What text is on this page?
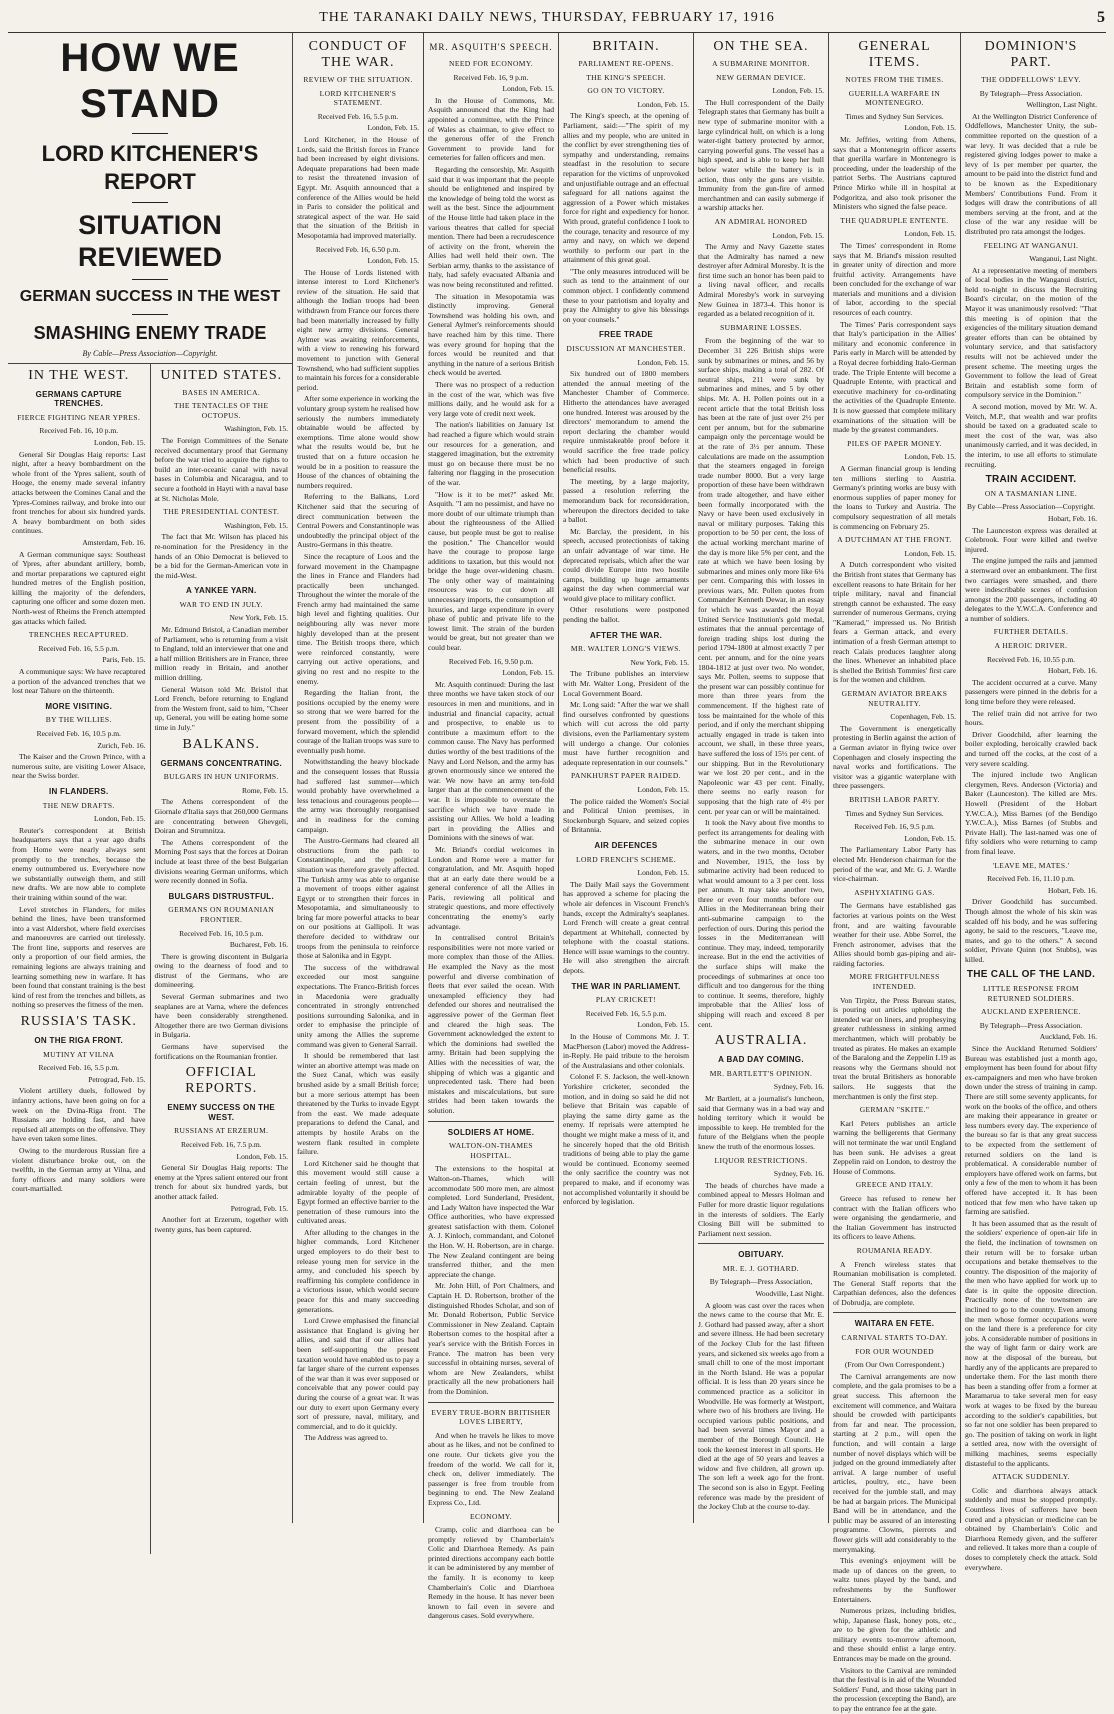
THE TARANAKI DAILY NEWS, THURSDAY, FEBRUARY 17, 1916	5
HOW WE STAND
LORD KITCHENER'S REPORT
SITUATION REVIEWED
GERMAN SUCCESS IN THE WEST
SMASHING ENEMY TRADE
By Cable—Press Association—Copyright.
IN THE WEST.
GERMANS CAPTURE TRENCHES.
FIERCE FIGHTING NEAR YPRES.
Received Feb. 16, 10 p.m.
London, Feb. 15.

General Sir Douglas Haig reports: Last night, after a heavy bombardment on the whole front of the Ypres salient, south of Hooge, the enemy made several infantry attacks between the Comines Canal and the Ypres-Comines railway, and broke into our front trenches for about six hundred yards. A heavy bombardment on both sides continues.

Amsterdam, Feb. 16.

A German communique says: Southeast of Ypres, after abundant artillery, bomb, and mortar preparations we captured eight hundred metres of the English position, killing the majority of the defenders, capturing one officer and some dozen men. North-west of Rheims the French attempted gas attacks which failed.

TRENCHES RECAPTURED.
Received Feb. 16, 5.5 p.m.
Paris, Feb. 15.

A communique says: We have recaptured a portion of the advanced trenches that we lost near Tahure on the thirteenth.

MORE VISITING.
BY THE WILLIES.
Received Feb. 16, 10.5 p.m.
Zurich, Feb. 16.

The Kaiser and the Crown Prince, with a numerous suite, are visiting Lower Alsace, near the Swiss border.

IN FLANDERS.
THE NEW DRAFTS.
London, Feb. 15.

Reuter's correspondent at British headquarters says that a year ago drafts from Home were nearly always sent promptly to the trenches, because the enemy outnumbered us. Everywhere now we substantially outweigh them, and still new drafts. We are now able to complete their training within sound of the war.

Level stretches in Flanders, for miles behind the lines, have been transformed into a vast Aldershot, where field exercises and manoeuvres are carried out tirelessly. The front line, supports and reserves are only a proportion of our field armies, the remaining legions are always training and learning something new in warfare. It has been found that constant training is the best kind of rest from the trenches and billets, as nothing so preserves the fitness of the men.

RUSSIA'S TASK.
ON THE RIGA FRONT.
MUTINY AT VILNA
Received Feb. 16, 5.5 p.m.
Petrograd, Feb. 15.

Violent artillery duels, followed by infantry actions, have been going on for a week on the Dvina-Riga front. The Russians are holding fast, and have repulsed all attempts on the offensive. They have even taken some lines.

Owing to the murderous Russian fire a violent disturbance broke out, on the twelfth, in the German army at Vilna, and forty officers and many soldiers were court-martialled.

UNITED STATES.
BASES IN AMERICA.
THE TENTACLES OF THE OCTOPUS.
Washington, Feb. 15.

The Foreign Committees of the Senate received documentary proof that Germany before the war tried to acquire the rights to build an inter-oceanic canal with naval bases in Columbia and Nicaragua, and to secure a foothold in Hayti with a naval base at St. Nicholas Mole.

THE PRESIDENTIAL CONTEST.
Washington, Feb. 15.

The fact that Mr. Wilson has placed his re-nomination for the Presidency in the hands of an Ohio Democrat is believed to be a bid for the German-American vote in the mid-West.

A YANKEE YARN.
WAR TO END IN JULY.
New York, Feb. 15.

Mr. Edmund Bristol, a Canadian member of Parliament, who is returning from a visit to England, told an interviewer that one and a half million Britishers are in France, three million ready in Britain, and another million drilling.

General Watson told Mr. Bristol that Lord French, before returning to England from the Western front, said to him, "Cheer up, General, you will be eating home some time in July."

BALKANS.
GERMANS CONCENTRATING.
BULGARS IN HUN UNIFORMS.
Rome, Feb. 15.

The Athens correspondent of the Giornale d'Italia says that 260,000 Germans are concentrating between Ghevgeli, Doiran and Strumnitza.

The Athens correspondent of the Morning Post says that the forces at Doiran include at least three of the best Bulgarian divisions wearing German uniforms, which were recently donned in Sofia.

BULGARS DISTRUSTFUL.
GERMANS ON ROUMANIAN FRONTIER.
Received Feb. 16, 10.5 p.m.
Bucharest, Feb. 16.

There is growing discontent in Bulgaria owing to the dearness of food and to distrust of the Germans, who are domineering.

Several German submarines and two seaplanes are at Varna, where the defences have been considerably strengthened. Altogether there are two German divisions in Bulgaria.

Germans have supervised the fortifications on the Roumanian frontier.

OFFICIAL REPORTS.
ENEMY SUCCESS ON THE WEST.
RUSSIANS AT ERZERUM.
Received Feb. 16, 7.5 p.m.
London, Feb. 15.

General Sir Douglas Haig reports: The enemy at the Ypres salient entered our front trench for about six hundred yards, but another attack failed.

Petrograd, Feb. 15.

Another fort at Erzerum, together with twenty guns, has been captured.

CONDUCT OF THE WAR.
REVIEW OF THE SITUATION.
LORD KITCHENER'S STATEMENT.
Received Feb. 16, 5.5 p.m.
London, Feb. 15.

Lord Kitchener, in the House of Lords, said the British forces in France had been increased by eight divisions. Adequate preparations had been made to resist the threatened invasion of Egypt. Mr. Asquith announced that a conference of the Allies would be held in Paris to consider the political and strategical aspect of the war. He said that the situation of the British in Mesopotamia had improved materially.

Received Feb. 16, 6.50 p.m.
London, Feb. 15.

The House of Lords listened with intense interest to Lord Kitchener's review of the situation. He said that although the Indian troops had been withdrawn from France our forces there had been materially increased by fully eight new army divisions. General Aylmer was awaiting reinforcements, with a view to renewing his forward movement to junction with General Townshend, who had sufficient supplies to maintain his forces for a considerable period.

After some experience in working the voluntary group system he realised how seriously the numbers immediately obtainable would be affected by exemptions. Time alone would show what the results would be, but he trusted that on a future occasion he would be in a position to reassure the House of the chances of obtaining the numbers required.

Referring to the Balkans, Lord Kitchener said that the securing of direct communication between the Central Powers and Constantinople was undoubtedly the principal object of the Austro-Germans in this theatre.

Since the recapture of Loos and the forward movement in the Champagne the lines in France and Flanders had practically been unchanged. Throughout the winter the morale of the French army had maintained the same high level and fighting qualities. Our neighbouring ally was never more highly developed than at the present time. The British troops there, which were reinforced constantly, were carrying out active operations, and giving no rest and no respite to the enemy.

Regarding the Italian front, the positions occupied by the enemy were so strong that we were barred for the present from the possibility of a forward movement, which the splendid courage of the Italian troops was sure to eventually push home.

Notwithstanding the heavy blockade and the consequent losses that Russia had suffered last summer—which would probably have overwhelmed a less tenacious and courageous people—the army was thoroughly reorganised and in readiness for the coming campaign.

The Austro-Germans had cleared all obstructions from the path to Constantinople, and the political situation was therefore gravely affected. The Turkish army was able to organise a movement of troops either against Egypt or to strengthen their forces in Mesopotamia, and simultaneously to bring far more powerful attacks to bear on our positions at Gallipoli. It was therefore decided to withdraw our troops from the peninsula to reinforce those at Salonika and in Egypt.

The success of the withdrawal exceeded our most sanguine expectations. The Franco-British forces in Macedonia were gradually concentrated in strongly entrenched positions surrounding Salonika, and in order to emphasise the principle of unity among the Allies the supreme command was given to General Sarrail.

It should be remembered that last winter an abortive attempt was made on the Suez Canal, which was easily brushed aside by a small British force; but a more serious attempt has been threatened by the Turks to invade Egypt from the east. We made adequate preparations to defend the Canal, and attempts by hostile Arabs on the western flank resulted in complete failure.

Lord Kitchener said he thought that this movement would still cause a certain feeling of unrest, but the admirable loyalty of the people of Egypt formed an effective barrier to the penetration of these rumours into the cultivated areas.

After alluding to the changes in the higher commands, Lord Kitchener urged employers to do their best to release young men for service in the army, and concluded his speech by reaffirming his complete confidence in a victorious issue, which would secure peace for this and many succeeding generations.

Lord Crewe emphasised the financial assistance that England is giving her allies, and said that if our allies had been self-supporting the present taxation would have enabled us to pay a far larger share of the current expenses of the war than it was ever supposed or conceivable that any power could pay during the course of a great war. It was our duty to exert upon Germany every sort of pressure, naval, military, and commercial, and to do it quickly.

The Address was agreed to.

MR. ASQUITH'S SPEECH.
NEED FOR ECONOMY.
Received Feb. 16, 9 p.m.
London, Feb. 15.

In the House of Commons, Mr. Asquith announced that the King had appointed a committee, with the Prince of Wales as chairman, to give effect to the generous offer of the French Government to provide land for cemeteries for fallen officers and men.

Regarding the censorship, Mr. Asquith said that it was important that the people should be enlightened and inspired by the knowledge of being told the worst as well as the best. Since the adjournment of the House little had taken place in the various theatres that called for special mention. There had been a recrudescence of activity on the front, wherein the Allies had well held their own. The Serbian army, thanks to the assistance of Italy, had safely evacuated Albania and was now being reconstituted and refitted.

The situation in Mesopotamia was distinctly improving. General Townshend was holding his own, and General Aylmer's reinforcements should have reached him by this time. There was every ground for hoping that the forces would be reunited and that anything in the nature of a serious British check would be averted.

There was no prospect of a reduction in the cost of the war, which was five millions daily, and he would ask for a very large vote of credit next week.

The nation's liabilities on January 1st had reached a figure which would strain our resources for a generation, and staggered imagination, but the extremity must go on because there must be no faltering nor flagging in the prosecution of the war.

"How is it to be met?" asked Mr. Asquith. "I am no pessimist, and have no more doubt of our ultimate triumph than about the righteousness of the Allied cause, but people must be got to realise the position." The Chancellor would have the courage to propose large additions to taxation, but this would not bridge the huge over-widening chasm. The only other way of maintaining resources was to cut down all unnecessary imports, the consumption of luxuries, and large expenditure in every phase of public and private life to the lowest limit. The strain of the burden would be great, but not greater than we could bear.

Received Feb. 16, 9.50 p.m.
London, Feb. 15.

Mr. Asquith continued: During the last three months we have taken stock of our resources in men and munitions, and in industrial and financial capacity, actual and prospective, to enable us to contribute a maximum effort to the common cause. The Navy has performed duties worthy of the best traditions of the Navy and Lord Nelson, and the army has grown enormously since we entered the war. We now have an army ten-fold larger than at the commencement of the war. It is impossible to overstate the sacrifice which we have made in assisting our Allies. We hold a leading part in providing the Allies and Dominions with the sinews of war.

Mr. Briand's cordial welcomes in London and Rome were a matter for congratulation, and Mr. Asquith hoped that at an early date there would be a general conference of all the Allies in Paris, reviewing all political and strategic questions, and more effectively concentrating the enemy's early advantage.

In centralised control Britain's responsibilities were not more varied or more complex than those of the Allies. He exampled the Navy as the most powerful and diverse combination of fleets that ever sailed the ocean. With unexampled efficiency they had defended our shores and neutralised the aggressive power of the German fleet and cleared the high seas. The Government acknowledged the extent to which the dominions had swelled the army. Britain had been supplying the Allies with the necessities of war, the shipping of which was a gigantic and unprecedented task. There had been mistakes and miscalculations, but sure strides had been taken towards the solution.

SOLDIERS AT HOME.
WALTON-ON-THAMES HOSPITAL.

The extensions to the hospital at Walton-on-Thames, which will accommodate 500 more men, are almost completed. Lord Sunderland, President, and Lady Walton have inspected the War Office authorities, who have expressed greatest satisfaction with them. Colonel A. J. Kinloch, commandant, and Colonel the Hon. W. H. Robertson, are in charge. The New Zealand contingent are being transferred thither, and the men appreciate the change.

Mr. John Hill, of Port Chalmers, and Captain H. D. Robertson, brother of the distinguished Rhodes Scholar, and son of Mr. Donald Robertson, Public Service Commissioner in New Zealand. Captain Robertson comes to the hospital after a year's service with the British Forces in France. The matron has been very successful in obtaining nurses, several of whom are New Zealanders, whilst practically all the new probationers hail from the Dominion.

EVERY TRUE-BORN BRITISHER LOVES LIBERTY,

And when he travels he likes to move about as he likes, and not be confined to one route. Our tickets give you the freedom of the world. We call for it, check on, deliver immediately. The passenger is free from trouble from beginning to end. The New Zealand Express Co., Ltd.

ECONOMY.

Cramp, colic and diarrhoea can be promptly relieved by Chamberlain's Colic and Diarrhoea Remedy. As pain printed directions accompany each bottle it can be administered by any member of the family. It is economy to keep Chamberlain's Colic and Diarrhoea Remedy in the house. It has never been known to fail even in severe and dangerous cases. Sold everywhere.

BRITAIN.
PARLIAMENT RE-OPENS.
THE KING'S SPEECH.
GO ON TO VICTORY.
London, Feb. 15.

The King's speech, at the opening of Parliament, said:—"The spirit of my allies and my people, who are united in the conflict by ever strengthening ties of sympathy and understanding, remains steadfast in the resolution to secure reparation for the victims of unprovoked and unjustifiable outrage and an effectual safeguard for all nations against the aggression of a Power which mistakes force for right and expediency for honor. With proud, grateful confidence I look to the courage, tenacity and resource of my army and navy, on which we depend worthily to perform our part in the attainment of this great goal.

"The only measures introduced will be such as tend to the attainment of our common object. I confidently commend these to your patriotism and loyalty and pray the Almighty to give his blessings on your counsels."

FREE TRADE
DISCUSSION AT MANCHESTER.
London, Feb. 15.

Six hundred out of 1800 members attended the annual meeting of the Manchester Chamber of Commerce. Hitherto the attendances have averaged one hundred. Interest was aroused by the directors' memorandum to amend the report declaring the chamber would require unmistakeable proof before it would sacrifice the free trade policy which had been productive of such beneficial results.

The meeting, by a large majority, passed a resolution referring the memorandum back for reconsideration, whereupon the directors decided to take a ballot.

Mr. Barclay, the president, in his speech, accused protectionists of taking an unfair advantage of war time. He deprecated reprisals, which after the war could divide Europe into two hostile camps, building up huge armaments against the day when commercial war would give place to military conflict.

Other resolutions were postponed pending the ballot.

AFTER THE WAR.
MR. WALTER LONG'S VIEWS.
New York, Feb. 15.

The Tribune publishes an interview with Mr. Walter Long, President of the Local Government Board.

Mr. Long said: "After the war we shall find ourselves confronted by questions which will cut across the old party divisions, even the Parliamentary system will undergo a change. Our colonies must have further recognition and adequate representation in our counsels."

PANKHURST PAPER RAIDED.
London, Feb. 15.

The police raided the Women's Social and Political Union premises, in Stockenburgh Square, and seized copies of Britannia.

AIR DEFENCES
LORD FRENCH'S SCHEME.
London, Feb. 15.

The Daily Mail says the Government has approved a scheme for placing the whole air defences in Viscount French's hands, except the Admiralty's seaplanes. Lord French will create a great central department at Whitehall, connected by telephone with the coastal stations. Hence will issue warnings to the country. He will also strengthen the aircraft depots.

THE WAR IN PARLIAMENT.
PLAY CRICKET!
Received Feb. 16, 5.5 p.m.
London, Feb. 15.

In the House of Commons Mr. J. T. MacPherson (Labor) moved the Address-in-Reply. He paid tribute to the heroism of the Australasians and other colonials.

Colonel F. S. Jackson, the well-known Yorkshire cricketer, seconded the motion, and in doing so said he did not believe that Britain was capable of playing the same dirty game as the enemy. If reprisals were attempted he thought we might make a mess of it, and he sincerely hoped that the old British traditions of being able to play the game would be continued. Economy seemed the only sacrifice the country was not prepared to make, and if economy was not accomplished voluntarily it should be enforced by legislation.

ON THE SEA.
A SUBMARINE MONITOR.
NEW GERMAN DEVICE.
London, Feb. 15.

The Hull correspondent of the Daily Telegraph states that Germany has built a new type of submarine monitor with a large cylindrical hull, on which is a long water-tight battery protected by armor, carrying powerful guns. The vessel has a high speed, and is able to keep her hull below water while the battery is in action, thus only the guns are visible. Immunity from the gun-fire of armed merchantmen and can easily submerge if a warship attacks her.

AN ADMIRAL HONORED
London, Feb. 15.

The Army and Navy Gazette states that the Admiralty has named a new destroyer after Admiral Moresby. It is the first time such an honor has been paid to a living naval officer, and recalls Admiral Moresby's work in surveying New Guinea in 1873-4. This honor is regarded as a belated recognition of it.

SUBMARINE LOSSES.

From the beginning of the war to December 31 226 British ships were sunk by submarines or mines, and 56 by surface ships, making a total of 282. Of neutral ships, 211 were sunk by submarines and mines, and 5 by other ships. Mr. A. H. Pollen points out in a recent article that the total British loss has been at the rate of just over 2½ per cent per annum, but for the submarine campaign only the percentage would be at the rate of 3½ per annum. These calculations are made on the assumption that the steamers engaged in foreign trade number 8000. But a very large proportion of these have been withdrawn from trade altogether, and have either been formally incorporated with the Navy or have been used exclusively in naval or military purposes. Taking this proportion to be 50 per cent, the loss of the actual working merchant marine of the day is more like 5% per cent, and the rate at which we have been losing by submarines and mines only more like 6¼ per cent. Comparing this with losses in previous wars, Mr. Pollen quotes from Commander Kenneth Dewar, in an essay for which he was awarded the Royal United Service Institution's gold medal, estimates that the annual percentage of foreign trading ships lost during the period 1794-1800 at almost exactly 7 per cent. per annum, and for the nine years 1804-1812 at just over two. No wonder, says Mr. Pollen, seems to suppose that the present war can possibly continue for more than three years from the commencement. If the highest rate of loss be maintained for the whole of this period, and if only the merchant shipping actually engaged in trade is taken into account, we shall, in these three years, have suffered the loss of 15½ per cent. of our shipping. But in the Revolutionary war we lost 20 per cent., and in the Napoleonic war 43 per cent. Finally, there seems no early reason for supposing that the high rate of 4½ per cent. per year can or will be maintained.

It took the Navy about five months to perfect its arrangements for dealing with the submarine menace in our own waters, and in the two months, October and November, 1915, the loss by submarine activity had been reduced to what would amount to a 3 per cent. loss per annum. It may take another two, three or even four months before our Allies in the Mediterranean bring their anti-submarine campaign to the perfection of ours. During this period the losses in the Mediterranean will continue. They may, indeed, temporarily increase. But in the end the activities of the surface ships will make the proceedings of submarines at once too difficult and too dangerous for the thing to continue. It seems, therefore, highly improbable that the Allies' loss of shipping will reach and exceed 8 per cent.

AUSTRALIA.
A BAD DAY COMING.
MR. BARTLETT'S OPINION.
Sydney, Feb. 16.

Mr Bartlett, at a journalist's luncheon, said that Germany was in a bad way and holding territory which it would be impossible to keep. He trembled for the future of the Belgians when the people knew the truth of the enormous losses.

LIQUOR RESTRICTIONS.
Sydney, Feb. 16.

The heads of churches have made a combined appeal to Messrs Holman and Fuller for more drastic liquor regulations in the interests of soldiers. The Early Closing Bill will be submitted to Parliament next session.

OBITUARY.
MR. E. J. GOTHARD.
By Telegraph—Press Association,
Woodville, Last Night.

A gloom was cast over the races when the news came to the course that Mr. E. J. Gothard had passed away, after a short and severe illness. He had been secretary of the Jockey Club for the last fifteen years, and sickened six weeks ago from a small chill to one of the most important in the North Island. He was a popular official. It is less than 20 years since he commenced practice as a solicitor in Woodville. He was formerly at Westport, where two of his brothers are living. He occupied various public positions, and had been several times Mayor and a member of the Borough Council. He took the keenest interest in all sports. He died at the age of 50 years and leaves a widow and five children, all grown up. The son left a week ago for the front. The second son is also in Egypt. Feeling reference was made by the president of the Jockey Club at the course to-day.

GENERAL ITEMS.
NOTES FROM THE TIMES.
GUERILLA WARFARE IN MONTENEGRO.
Times and Sydney Sun Services.
London, Feb. 15.

Mr. Jeffries, writing from Athens, says that a Montenegrin officer asserts that guerilla warfare in Montenegro is proceeding, under the leadership of the patriot Serbs. The Austrians captured Prince Mirko while ill in hospital at Podgoritza, and also took prisoner the Ministers who signed the false peace.

THE QUADRUPLE ENTENTE.
London, Feb. 15.

The Times' correspondent in Rome says that M. Briand's mission resulted in greater unity of direction and more fruitful activity. Arrangements have been concluded for the exchange of war materials and munitions and a division of labor, according to the special resources of each country.

The Times' Paris correspondent says that Italy's participation in the Allies' military and economic conference in Paris early in March will be attended by a Royal decree forbidding Italo-German trade. The Triple Entente will become a Quadruple Entente, with practical and executive machinery for co-ordinating the activities of the Quadruple Entente. It is now guessed that complete military examinations of the situation will be made by the greatest commanders.

PILES OF PAPER MONEY.
London, Feb. 15.

A German financial group is lending ten millions sterling to Austria. Germany's printing works are busy with enormous supplies of paper money for the loans to Turkey and Austria. The compulsory sequestration of all metals is commencing on February 25.

A DUTCHMAN AT THE FRONT.
London, Feb. 15.

A Dutch correspondent who visited the British front states that Germany has excellent reasons to hate Britain for her triple military, naval and financial strength cannot be exhausted. The easy surrender of numerous Germans, crying "Kamerad," impressed us. No British fears a German attack, and every intimation of a fresh German attempt to reach Calais produces laughter along the lines. Whenever an inhabited place is shelled the British Tommies' first care is for the women and children.

GERMAN AVIATOR BREAKS NEUTRALITY.
Copenhagen, Feb. 15.

The Government is energetically protesting in Berlin against the action of a German aviator in flying twice over Copenhagen and closely inspecting the naval works and fortifications. The visitor was a gigantic waterplane with three passengers.

BRITISH LABOR PARTY.
Times and Sydney Sun Services.
Received Feb. 16, 9.5 p.m.
London, Feb. 15.

The Parliamentary Labor Party has elected Mr. Henderson chairman for the period of the war, and Mr. G. J. Wardle vice-chairman.

ASPHYXIATING GAS.

The Germans have established gas factories at various points on the West front, and are waiting favourable weather for their use. Abbe Sorrel, the French astronomer, advises that the Allies should bomb gas-piping and air-raiding factories.

MORE FRIGHTFULNESS INTENDED.

Von Tirpitz, the Press Bureau states, is pouring out articles upholding the intended war on liners, and prophesying greater ruthlessness in sinking armed merchantmen, which will probably be treated as pirates. He makes an example of the Baralong and the Zeppelin L19 as reasons why the Germans should not treat the brutal Britishers as honorable sailors. He suggests that the merchantmen is only the first step.

GERMAN "SKITE."

Karl Peters publishes an article warning the belligerents that Germany will not terminate the war until England has been sunk. He advises a great Zeppelin raid on London, to destroy the House of Commons.

GREECE AND ITALY.

Greece has refused to renew her contract with the Italian officers who were organising the gendarmerie, and the Italian Government has instructed its officers to leave Athens.

ROUMANIA READY.

A French wireless states that Roumanian mobilisation is completed. The General Staff reports that the Carpathian defences, also the defences of Dobrudja, are complete.

WAITARA EN FETE.
CARNIVAL STARTS TO-DAY.
FOR OUR WOUNDED
(From Our Own Correspondent.)

The Carnival arrangements are now complete, and the gala promises to be a great success. This afternoon the excitement will commence, and Waitara should be crowded with participants from far and near. The procession, starting at 2 p.m., will open the function, and will contain a large number of novel displays which will be judged on the ground immediately after arrival. A large number of useful articles, poultry, etc., have been received for the jumble stall, and may be had at bargain prices. The Municipal Band will be in attendance, and the public may be assured of an interesting programme. Clowns, pierrots and flower girls will add considerably to the merrymaking.

This evening's enjoyment will be made up of dances on the green, to waltz tunes played by the band, and refreshments by the Sunflower Entertainers.

Numerous prizes, including bridles, whip, Japanese flask, honey pots, etc., are to be given for the athletic and military events to-morrow afternoon, and these should enlist a large entry. Entrances may be made on the ground.

Visitors to the Carnival are reminded that the festival is in aid of the Wounded Soldiers' Fund, and those taking part in the procession (excepting the Band), are to pay the entrance fee at the gate.

DOMINION'S PART.
THE ODDFELLOWS' LEVY.
By Telegraph—Press Association.
Wellington, Last Night.

At the Wellington District Conference of Oddfellows, Manchester Unity, the sub-committee reported on the question of a war levy. It was decided that a rule be registered giving lodges power to make a levy of 1s per member per quarter, the amount to be paid into the district fund and to be known as the Expeditionary Members' Contributions Fund. From it lodges will draw the contributions of all members serving at the front, and at the close of the war any residue will be distributed pro rata amongst the lodges.

FEELING AT WANGANUI.
Wanganui, Last Night.

At a representative meeting of members of local bodies in the Wanganui district, held to-night to discuss the Recruiting Board's circular, on the motion of the Mayor it was unanimously resolved: "That this meeting is of opinion that the exigencies of the military situation demand greater efforts than can be obtained by voluntary service, and that satisfactory results will not be achieved under the present scheme. The meeting urges the Government to follow the lead of Great Britain and establish some form of compulsory service in the Dominion."

A second motion, moved by Mr. W. A. Veitch, M.P., that wealth and war profits should be taxed on a graduated scale to meet the cost of the war, was also unanimously carried, and it was decided, in the interim, to use all efforts to stimulate recruiting.

TRAIN ACCIDENT.
ON A TASMANIAN LINE.
By Cable—Press Association—Copyright.
Hobart, Feb. 16.

The Launceston express was derailed at Colebrook. Four were killed and twelve injured.

The engine jumped the rails and jammed a sternward over an embankment. The first two carriages were smashed, and there were indescribable scenes of confusion amongst the 200 passengers, including 40 delegates to the Y.W.C.A. Conference and a number of soldiers.

FURTHER DETAILS.
A HEROIC DRIVER.
Received Feb. 16, 10.55 p.m.
Hobart, Feb. 16.

The accident occurred at a curve. Many passengers were pinned in the debris for a long time before they were released.

The relief train did not arrive for two hours.

Driver Goodchild, after learning the boiler exploding, heroically crawled back and turned off the cocks, at the cost of a very severe scalding.

The injured include two Anglican clergymen, Revs. Anderson (Victoria) and Baker (Launceston). The killed are Mrs. Howell (President of the Hobart Y.W.C.A.), Miss Barnes (of the Bendigo Y.W.C.A.), Miss Barnes (of Stubbs and Private Hall). The last-named was one of fifty soldiers who were returning to camp from final leave.

'LEAVE ME, MATES.'
Received Feb. 16, 11.10 p.m.
Hobart, Feb. 16.

Driver Goodchild has succumbed. Though almost the whole of his skin was scalded off his body, and he was suffering agony, he said to the rescuers, "Leave me, mates, and go to the others." A second soldier, Private Quinn (not Stubbs), was killed.

THE CALL OF THE LAND.
LITTLE RESPONSE FROM RETURNED SOLDIERS.
AUCKLAND EXPERIENCE.
By Telegraph—Press Association.
Auckland, Feb. 16.

Since the Auckland Returned Soldiers' Bureau was established just a month ago, employment has been found for about fifty ex-campaigners and men who have broken down under the stress of training in camp. There are still some seventy applicants, for work on the books of the office, and others are making their appearance in greater or less numbers every day. The experience of the bureau so far is that any great success to be expected from the settlement of returned soldiers on the land is problematical. A considerable number of employers have offered work on farms, but only a few of the men to whom it has been offered have accepted it. It has been noticed that few men who have taken up farming are satisfied.

It has been assumed that as the result of the soldiers' experience of open-air life in the field, the inclination of townsmen on their return will be to forsake urban occupations and betake themselves to the country. The disposition of the majority of the men who have applied for work up to date is in quite the opposite direction. Practically none of the townsmen are inclined to go to the country. Even among the men whose former occupations were on the land there is a preference for city jobs. A considerable number of positions in the way of light farm or dairy work are now at the disposal of the bureau, but hardly any of the applicants are prepared to undertake them. For the last month there has been a standing offer from a former at Maramarua to take several men for easy work at wages to be fixed by the bureau according to the soldier's capabilities, but so far not one soldier has been prepared to go. The position of taking on work in light a settled area, now with the oversight of milking machines, seems especially distasteful to the applicants.

ATTACK SUDDENLY.

Colic and diarrhoea always attack suddenly and must be stopped promptly. Countless lives of sufferers have been cured and a physician or medicine can be obtained by Chamberlain's Colic and Diarrhoea Remedy given, and the sufferer and relieved. It takes more than a couple of doses to completely check the attack. Sold everywhere.
